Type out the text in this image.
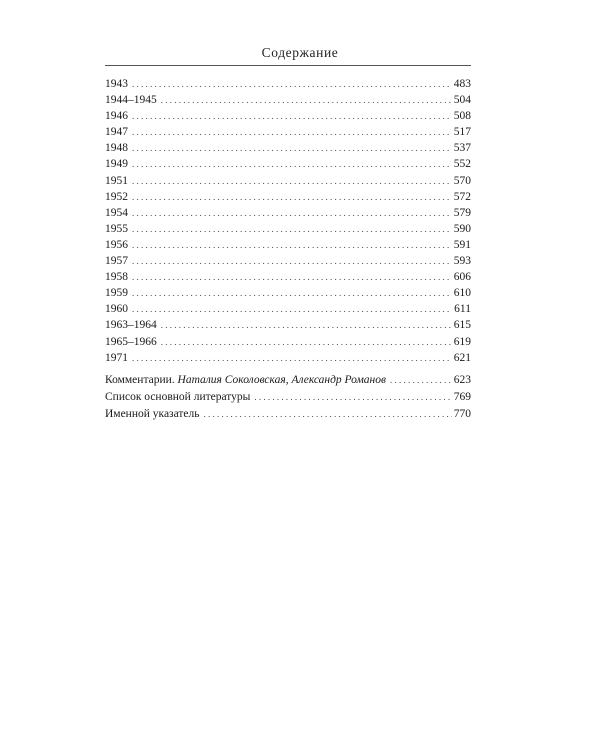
Содержание
1943 . . .	483
1944–1945 . . .	504
1946 . . .	508
1947 . . .	517
1948 . . .	537
1949 . . .	552
1951 . . .	570
1952 . . .	572
1954 . . .	579
1955 . . .	590
1956 . . .	591
1957 . . .	593
1958 . . .	606
1959 . . .	610
1960 . . .	611
1963–1964 . . .	615
1965–1966 . . .	619
1971 . . .	621
Комментарии. Наталия Соколовская, Александр Романов . . .	623
Список основной литературы . . .	769
Именной указатель . . .	770
